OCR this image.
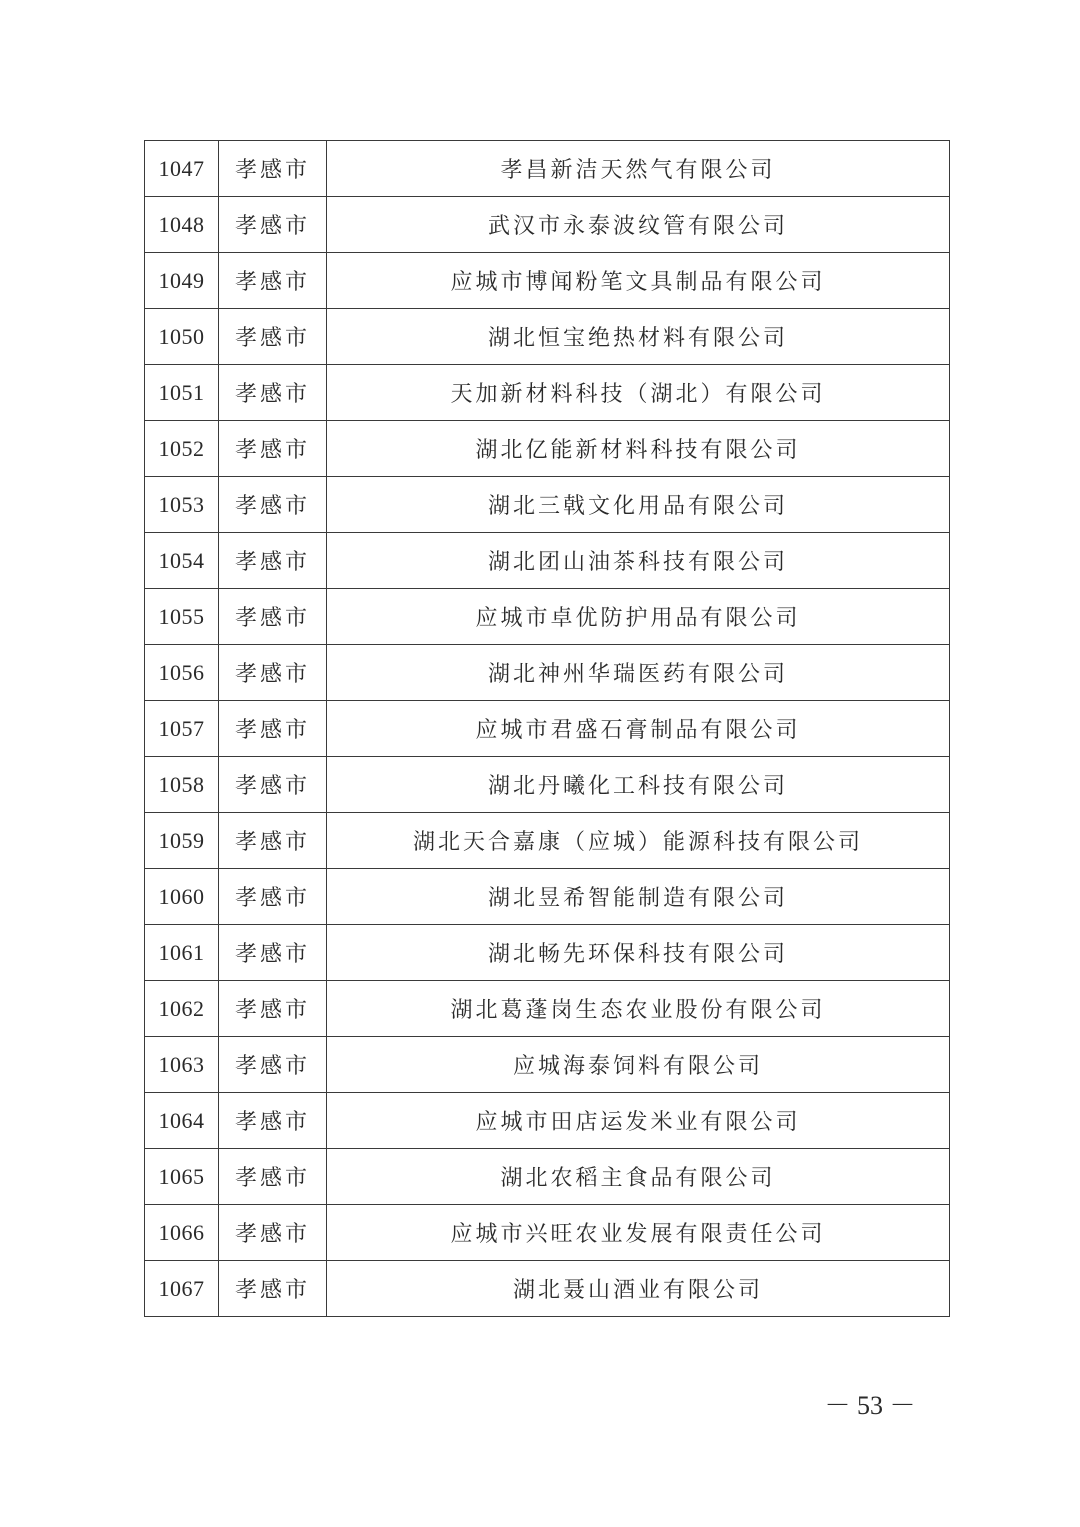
1047	孝感市	孝昌新洁天然气有限公司
1048	孝感市	武汉市永泰波纹管有限公司
1049	孝感市	应城市博闻粉笔文具制品有限公司
1050	孝感市	湖北恒宝绝热材料有限公司
1051	孝感市	天加新材料科技（湖北）有限公司
1052	孝感市	湖北亿能新材料科技有限公司
1053	孝感市	湖北三戟文化用品有限公司
1054	孝感市	湖北团山油茶科技有限公司
1055	孝感市	应城市卓优防护用品有限公司
1056	孝感市	湖北神州华瑞医药有限公司
1057	孝感市	应城市君盛石膏制品有限公司
1058	孝感市	湖北丹曦化工科技有限公司
1059	孝感市	湖北天合嘉康（应城）能源科技有限公司
1060	孝感市	湖北昱希智能制造有限公司
1061	孝感市	湖北畅先环保科技有限公司
1062	孝感市	湖北葛蓬岗生态农业股份有限公司
1063	孝感市	应城海泰饲料有限公司
1064	孝感市	应城市田店运发米业有限公司
1065	孝感市	湖北农稻主食品有限公司
1066	孝感市	应城市兴旺农业发展有限责任公司
1067	孝感市	湖北聂山酒业有限公司
－ 53 －
